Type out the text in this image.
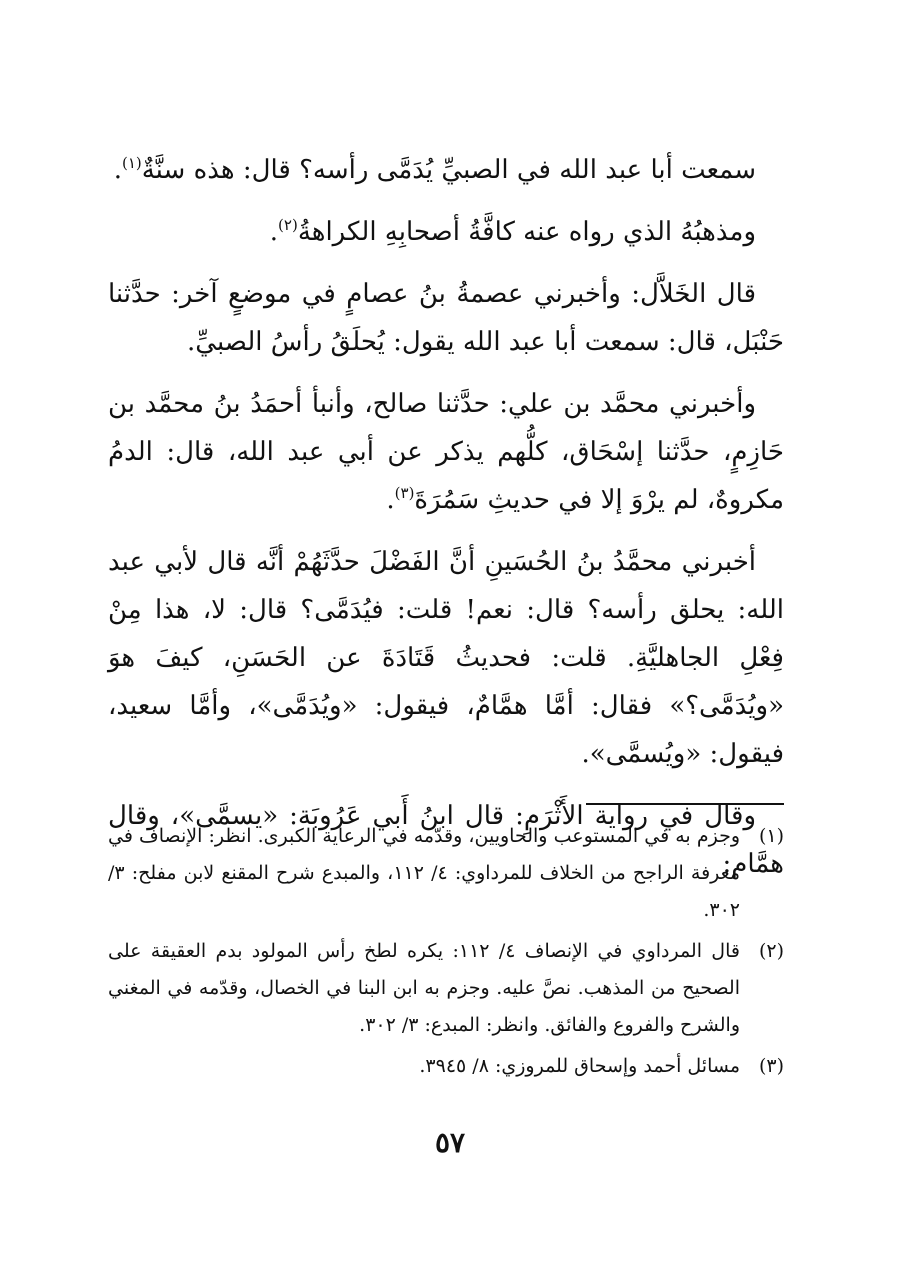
سمعت أبا عبد الله في الصبيِّ يُدَمَّى رأسه؟ قال: هذه سنَّةٌ$^{(١)}$.

ومذهبُهُ الذي رواه عنه كافَّةُ أصحابِهِ الكراهةُ$^{(٢)}$.

قال الخَلاَّل: وأخبرني عصمةُ بنُ عصامٍ في موضعٍ آخر: حدَّثنا حَنْبَل، قال: سمعت أبا عبد الله يقول: يُحلَقُ رأسُ الصبيِّ.

وأخبرني محمَّد بن علي: حدَّثنا صالح، وأنبأ أحمَدُ بنُ محمَّد بن حَازِمٍ، حدَّثنا إسْحَاق، كلُّهم يذكر عن أبي عبد الله، قال: الدمُ مكروهٌ، لم يرْوَ إلا في حديثِ سَمُرَةَ$^{(٣)}$.

أخبرني محمَّدُ بنُ الحُسَينِ أنَّ الفَضْلَ حدَّثَهُمْ أنَّه قال لأبي عبد الله: يحلق رأسه؟ قال: نعم! قلت: فيُدَمَّى؟ قال: لا، هذا مِنْ فِعْلِ الجاهليَّةِ. قلت: فحديثُ قَتَادَةَ عن الحَسَنِ، كيفَ هوَ «ويُدَمَّى؟» فقال: أمَّا همَّامٌ، فيقول: «ويُدَمَّى»، وأمَّا سعيد، فيقول: «ويُسمَّى».

وقال في رواية الأَثْرَمِ: قال ابنُ أَبي عَرُوبَة: «يسمَّى»، وقال همَّام:

(١)
وجزم به في المستوعب والحاويين، وقدّمه في الرعاية الكبرى. انظر: الإنصاف في معرفة الراجح من الخلاف للمرداوي: ٤/ ١١٢، والمبدع شرح المقنع لابن مفلح: ٣/ ٣٠٢.
(٢)
قال المرداوي في الإنصاف ٤/ ١١٢: يكره لطخ رأس المولود بدم العقيقة على الصحيح من المذهب. نصَّ عليه. وجزم به ابن البنا في الخصال، وقدّمه في المغني والشرح والفروع والفائق. وانظر: المبدع: ٣/ ٣٠٢.
(٣)
مسائل أحمد وإسحاق للمروزي: ٨/ ٣٩٤٥.
٥٧
